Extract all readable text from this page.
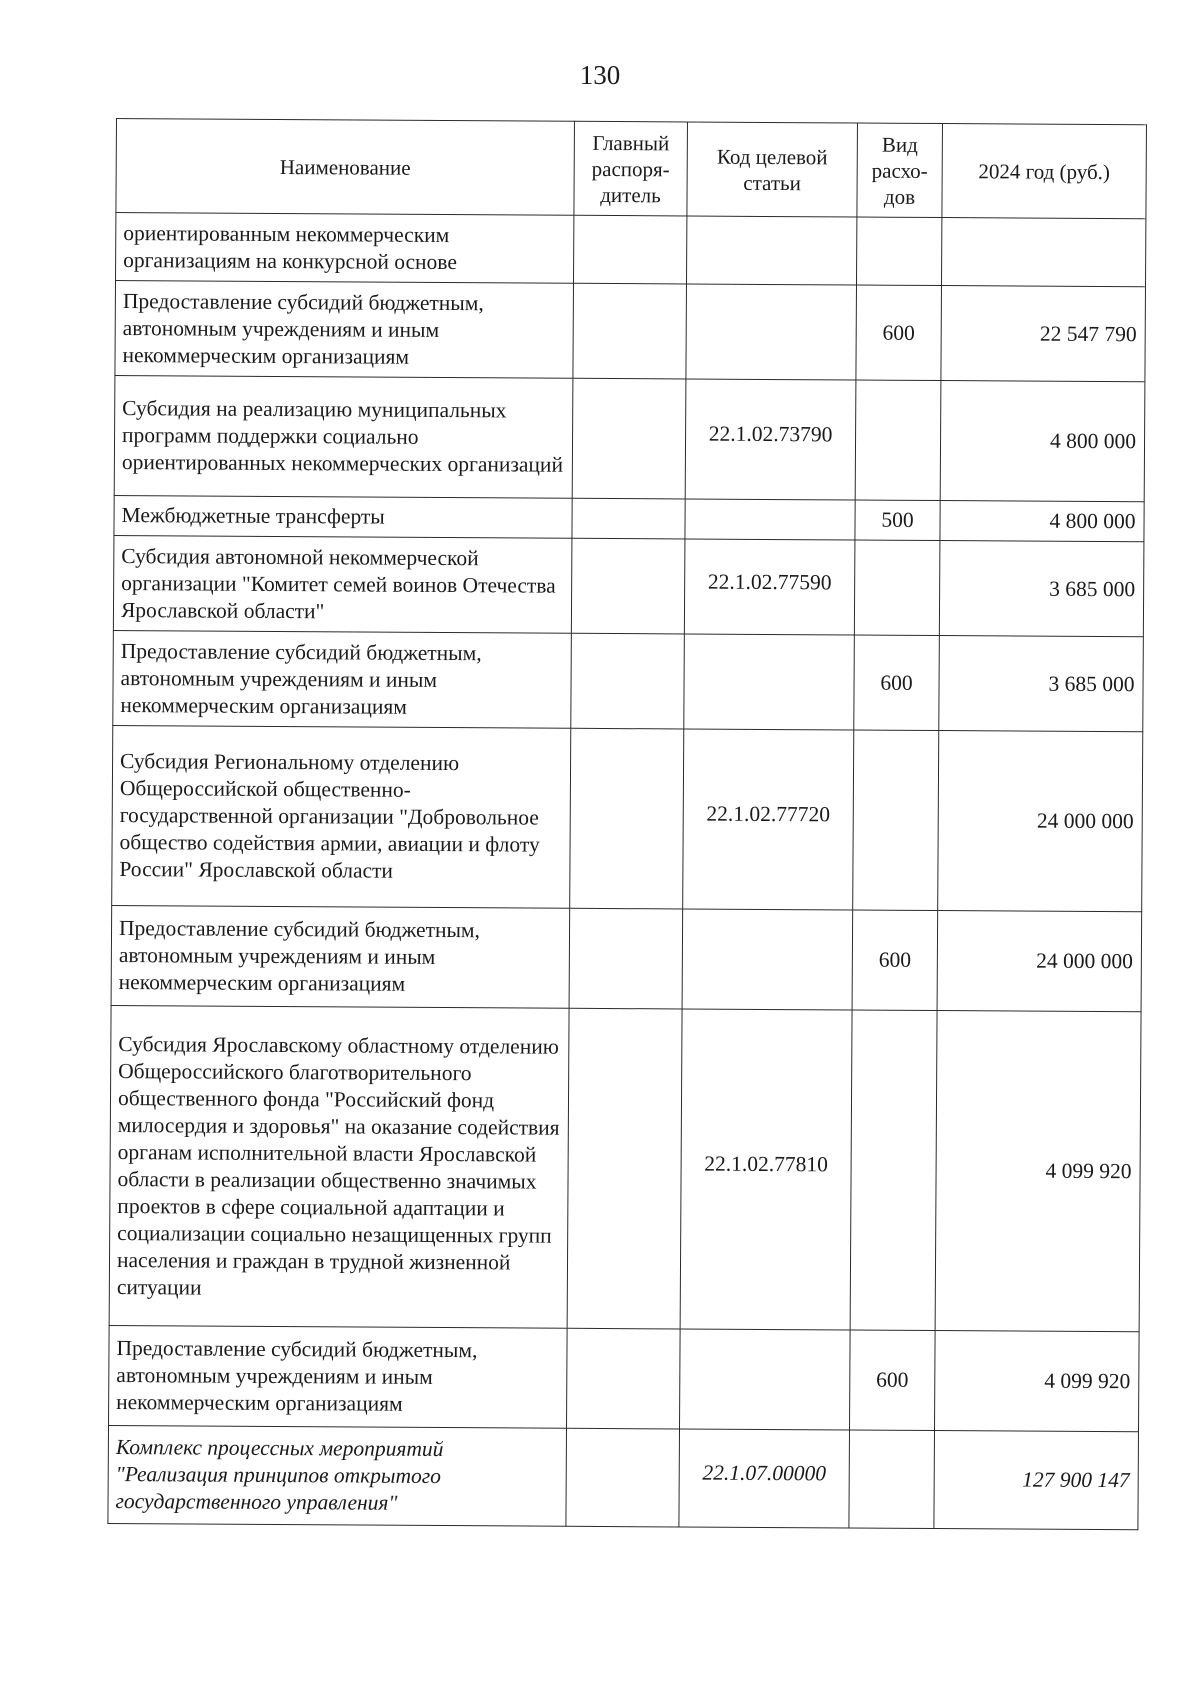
130
Наименование	Главный распоря-дитель	Код целевой статьи	Вид расхо-дов	2024 год (руб.)
ориентированным некоммерческим организациям на конкурсной основе				
Предоставление субсидий бюджетным, автономным учреждениям и иным некоммерческим организациям			600	22 547 790
Субсидия на реализацию муниципальных программ поддержки социально ориентированных некоммерческих организаций		22.1.02.73790		4 800 000
Межбюджетные трансферты			500	4 800 000
Субсидия автономной некоммерческой организации "Комитет семей воинов Отечества Ярославской области"		22.1.02.77590		3 685 000
Предоставление субсидий бюджетным, автономным учреждениям и иным некоммерческим организациям			600	3 685 000
Субсидия Региональному отделению Общероссийской общественно-государственной организации "Добровольное общество содействия армии, авиации и флоту России" Ярославской области		22.1.02.77720		24 000 000
Предоставление субсидий бюджетным, автономным учреждениям и иным некоммерческим организациям			600	24 000 000
Субсидия Ярославскому областному отделению Общероссийского благотворительного общественного фонда "Российский фонд милосердия и здоровья" на оказание содействия органам исполнительной власти Ярославской области в реализации общественно значимых проектов в сфере социальной адаптации и социализации социально незащищенных групп населения и граждан в трудной жизненной ситуации		22.1.02.77810		4 099 920
Предоставление субсидий бюджетным, автономным учреждениям и иным некоммерческим организациям			600	4 099 920
Комплекс процессных мероприятий "Реализация принципов открытого государственного управления"		22.1.07.00000		127 900 147
